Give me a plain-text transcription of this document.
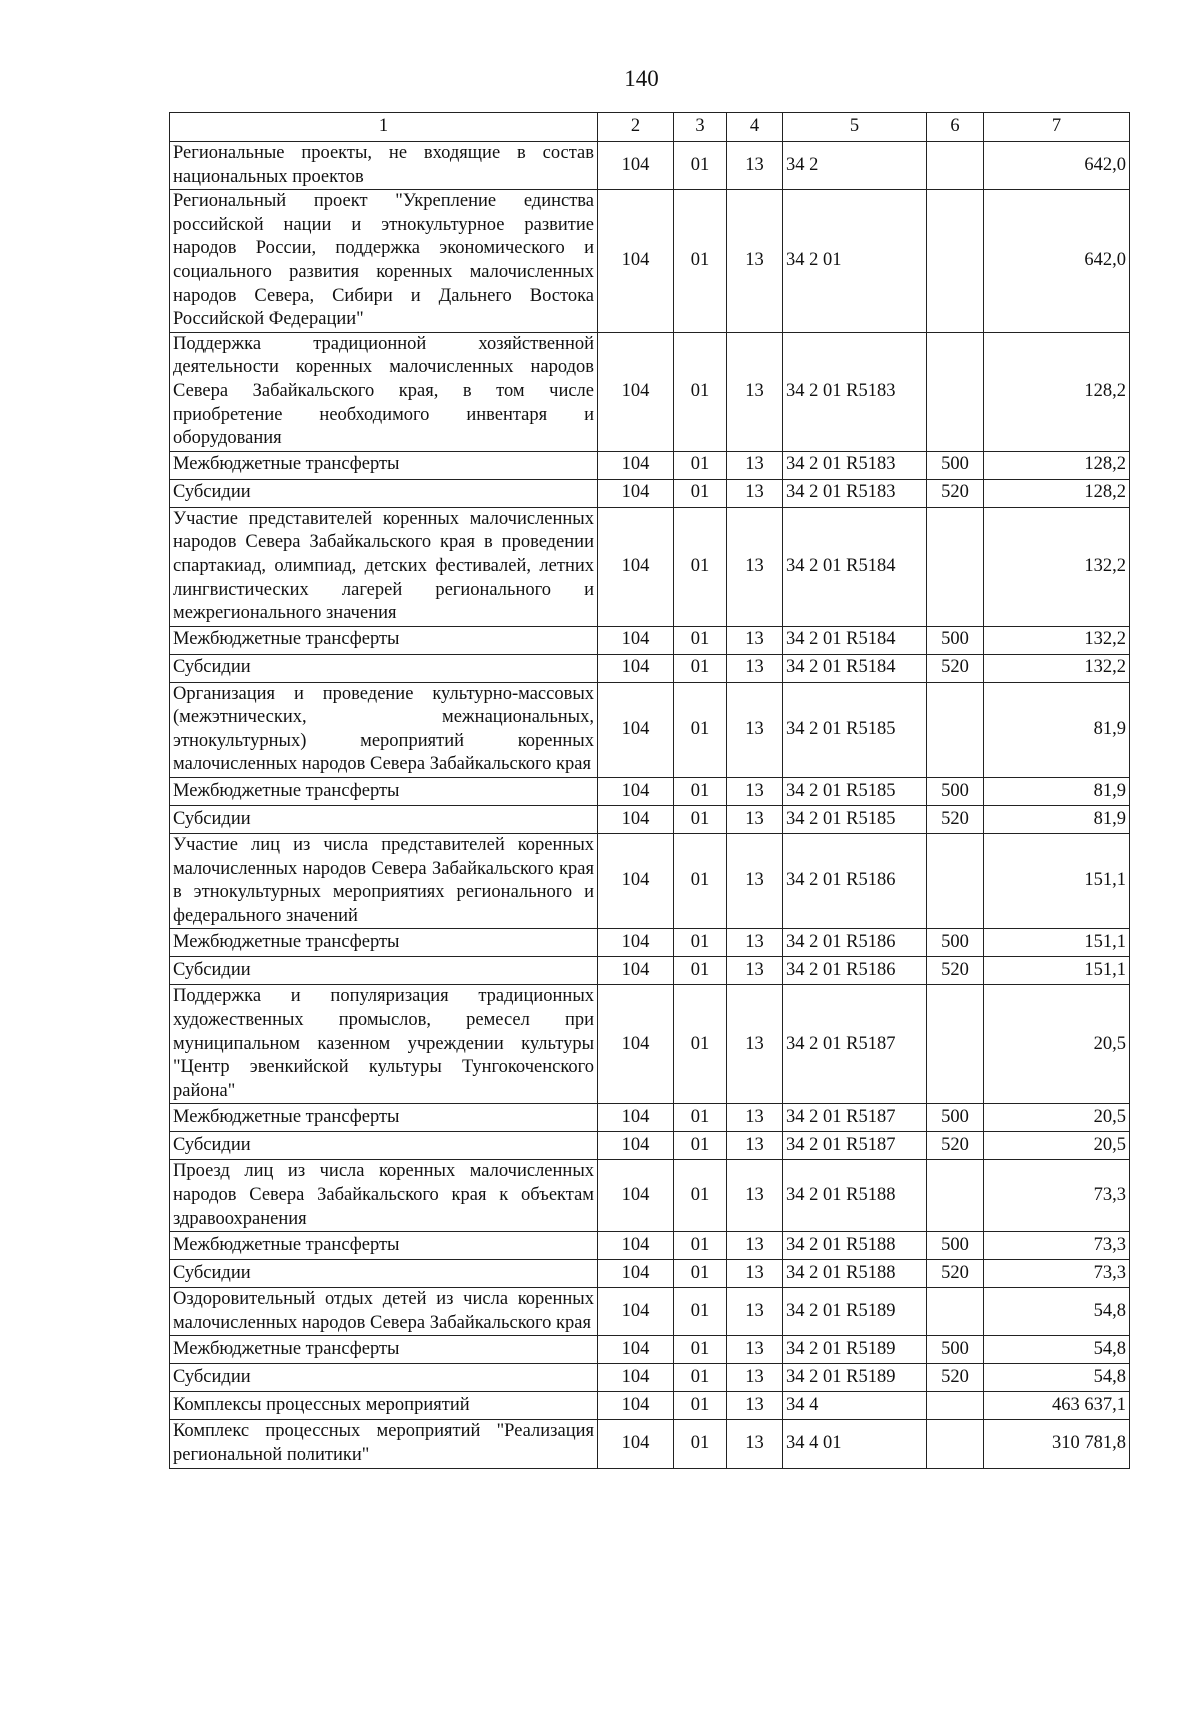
140
1	2	3	4	5	6	7
Региональные проекты, не входящие в состав национальных проектов	104	01	13	34 2		642,0
Региональный проект "Укрепление единства российской нации и этнокультурное развитие народов России, поддержка экономического и социального развития коренных малочисленных народов Севера, Сибири и Дальнего Востока Российской Федерации"	104	01	13	34 2 01		642,0
Поддержка традиционной хозяйственной деятельности коренных малочисленных народов Севера Забайкальского края, в том числе приобретение необходимого инвентаря и оборудования	104	01	13	34 2 01 R5183		128,2
Межбюджетные трансферты	104	01	13	34 2 01 R5183	500	128,2
Субсидии	104	01	13	34 2 01 R5183	520	128,2
Участие представителей коренных малочисленных народов Севера Забайкальского края в проведении спартакиад, олимпиад, детских фестивалей, летних лингвистических лагерей регионального и межрегионального значения	104	01	13	34 2 01 R5184		132,2
Межбюджетные трансферты	104	01	13	34 2 01 R5184	500	132,2
Субсидии	104	01	13	34 2 01 R5184	520	132,2
Организация и проведение культурно-массовых (межэтнических, межнациональных, этнокультурных) мероприятий коренных малочисленных народов Севера Забайкальского края	104	01	13	34 2 01 R5185		81,9
Межбюджетные трансферты	104	01	13	34 2 01 R5185	500	81,9
Субсидии	104	01	13	34 2 01 R5185	520	81,9
Участие лиц из числа представителей коренных малочисленных народов Севера Забайкальского края в этнокультурных мероприятиях регионального и федерального значений	104	01	13	34 2 01 R5186		151,1
Межбюджетные трансферты	104	01	13	34 2 01 R5186	500	151,1
Субсидии	104	01	13	34 2 01 R5186	520	151,1
Поддержка и популяризация традиционных художественных промыслов, ремесел при муниципальном казенном учреждении культуры "Центр эвенкийской культуры Тунгокоченского района"	104	01	13	34 2 01 R5187		20,5
Межбюджетные трансферты	104	01	13	34 2 01 R5187	500	20,5
Субсидии	104	01	13	34 2 01 R5187	520	20,5
Проезд лиц из числа коренных малочисленных народов Севера Забайкальского края к объектам здравоохранения	104	01	13	34 2 01 R5188		73,3
Межбюджетные трансферты	104	01	13	34 2 01 R5188	500	73,3
Субсидии	104	01	13	34 2 01 R5188	520	73,3
Оздоровительный отдых детей из числа коренных малочисленных народов Севера Забайкальского края	104	01	13	34 2 01 R5189		54,8
Межбюджетные трансферты	104	01	13	34 2 01 R5189	500	54,8
Субсидии	104	01	13	34 2 01 R5189	520	54,8
Комплексы процессных мероприятий	104	01	13	34 4		463 637,1
Комплекс процессных мероприятий "Реализация региональной политики"	104	01	13	34 4 01		310 781,8
